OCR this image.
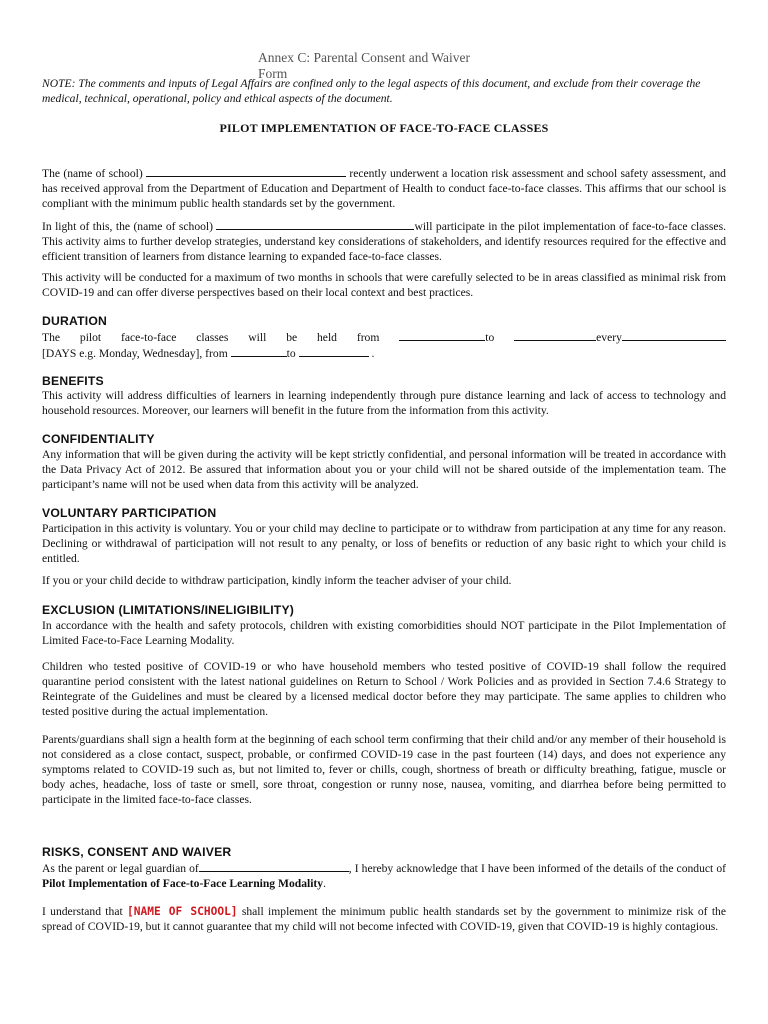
Annex C: Parental Consent and Waiver
Form
NOTE: The comments and inputs of Legal Affairs are confined only to the legal aspects of this document, and exclude from their coverage the medical, technical, operational, policy and ethical aspects of the document.
PILOT IMPLEMENTATION OF FACE-TO-FACE CLASSES

The (name of school)	recently underwent a location risk assessment and school safety assessment, and has received approval from the Department of Education and Department of Health to conduct face-to-face classes. This affirms that our school is compliant with the minimum public health standards set by the government.

In light of this, the (name of school)	will participate in the pilot implementation of face-to-face classes. This activity aims to further develop strategies, understand key considerations of stakeholders, and identify resources required for the effective and efficient transition of learners from distance learning to expanded face-to-face classes.

This activity will be conducted for a maximum of two months in schools that were carefully selected to be in areas classified as minimal risk from COVID-19 and can offer diverse perspectives based on their local context and best practices.
DURATION
The pilot face-to-face classes will be held from	to	every

[DAYS e.g. Monday, Wednesday], from	to	.

BENEFITS
This activity will address difficulties of learners in learning independently through pure distance learning and lack of access to technology and household resources. Moreover, our learners will benefit in the future from the information from this activity.
CONFIDENTIALITY
Any information that will be given during the activity will be kept strictly confidential, and personal information will be treated in accordance with the Data Privacy Act of 2012. Be assured that information about you or your child will not be shared outside of the implementation team. The participant’s name will not be used when data from this activity will be analyzed.
VOLUNTARY PARTICIPATION
Participation in this activity is voluntary. You or your child may decline to participate or to withdraw from participation at any time for any reason. Declining or withdrawal of participation will not result to any penalty, or loss of benefits or reduction of any basic right to which your child is entitled.
If you or your child decide to withdraw participation, kindly inform the teacher adviser of your child.
EXCLUSION (LIMITATIONS/INELIGIBILITY)
In accordance with the health and safety protocols, children with existing comorbidities should NOT participate in the Pilot Implementation of Limited Face-to-Face Learning Modality.
Children who tested positive of COVID-19 or who have household members who tested positive of COVID-19 shall follow the required quarantine period consistent with the latest national guidelines on Return to School / Work Policies and as provided in Section 7.4.6 Strategy to Reintegrate of the Guidelines and must be cleared by a licensed medical doctor before they may participate. The same applies to children who tested positive during the actual implementation.
Parents/guardians shall sign a health form at the beginning of each school term confirming that their child and/or any member of their household is not considered as a close contact, suspect, probable, or confirmed COVID-19 case in the past fourteen (14) days, and does not experience any symptoms related to COVID-19 such as, but not limited to, fever or chills, cough, shortness of breath or difficulty breathing, fatigue, muscle or body aches, headache, loss of taste or smell, sore throat, congestion or runny nose, nausea, vomiting, and diarrhea before being permitted to participate in the limited face-to-face classes.
RISKS, CONSENT AND WAIVER

As the parent or legal guardian of	, I hereby acknowledge that I have been informed of the details of the conduct of Pilot Implementation of Face-to-Face Learning Modality.

I understand that [NAME OF SCHOOL] shall implement the minimum public health standards set by the government to minimize risk of the spread of COVID-19, but it cannot guarantee that my child will not become infected with COVID-19, given that COVID-19 is highly contagious.
